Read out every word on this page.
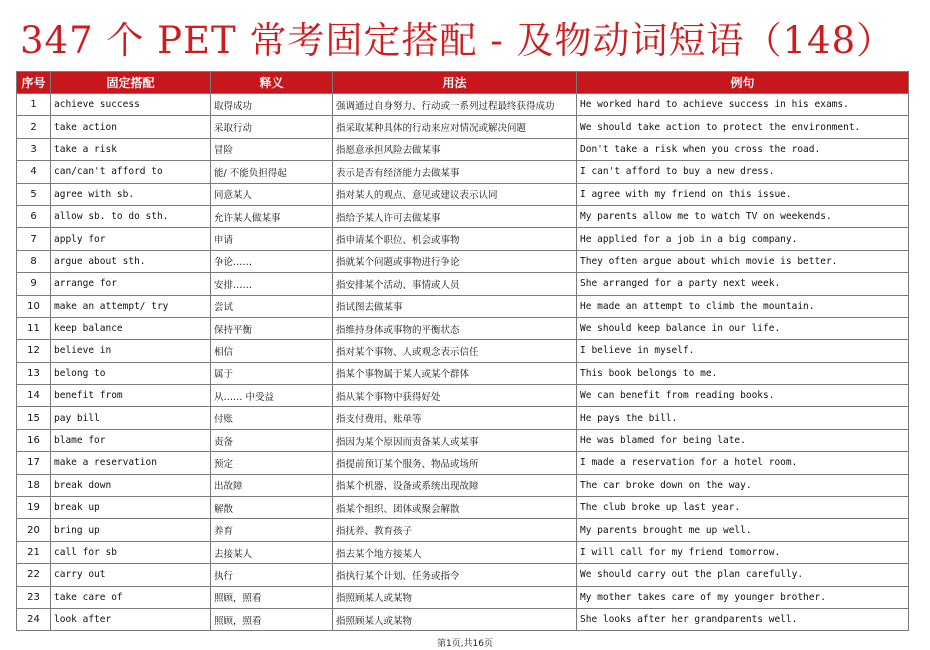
347 个 PET 常考固定搭配 - 及物动词短语（148）
序号	固定搭配	释义	用法	例句
1	achieve success	取得成功	强调通过自身努力、行动或一系列过程最终获得成功	He worked hard to achieve success in his exams.
2	take action	采取行动	指采取某种具体的行动来应对情况或解决问题	We should take action to protect the environment.
3	take a risk	冒险	指愿意承担风险去做某事	Don't take a risk when you cross the road.
4	can/can't afford to	能/ 不能负担得起	表示是否有经济能力去做某事	I can't afford to buy a new dress.
5	agree with sb.	同意某人	指对某人的观点、意见或建议表示认同	I agree with my friend on this issue.
6	allow sb. to do sth.	允许某人做某事	指给予某人许可去做某事	My parents allow me to watch TV on weekends.
7	apply for	申请	指申请某个职位、机会或事物	He applied for a job in a big company.
8	argue about sth.	争论……	指就某个问题或事物进行争论	They often argue about which movie is better.
9	arrange for	安排……	指安排某个活动、事情或人员	She arranged for a party next week.
10	make an attempt/ try	尝试	指试图去做某事	He made an attempt to climb the mountain.
11	keep balance	保持平衡	指维持身体或事物的平衡状态	We should keep balance in our life.
12	believe in	相信	指对某个事物、人或观念表示信任	I believe in myself.
13	belong to	属于	指某个事物属于某人或某个群体	This book belongs to me.
14	benefit from	从…… 中受益	指从某个事物中获得好处	We can benefit from reading books.
15	pay bill	付账	指支付费用、账单等	He pays the bill.
16	blame for	责备	指因为某个原因而责备某人或某事	He was blamed for being late.
17	make a reservation	预定	指提前预订某个服务、物品或场所	I made a reservation for a hotel room.
18	break down	出故障	指某个机器、设备或系统出现故障	The car broke down on the way.
19	break up	解散	指某个组织、团体或聚会解散	The club broke up last year.
20	bring up	养育	指抚养、教育孩子	My parents brought me up well.
21	call for sb	去接某人	指去某个地方接某人	I will call for my friend tomorrow.
22	carry out	执行	指执行某个计划、任务或指令	We should carry out the plan carefully.
23	take care of	照顾，照看	指照顾某人或某物	My mother takes care of my younger brother.
24	look after	照顾，照看	指照顾某人或某物	She looks after her grandparents well.
第1页,共16页
